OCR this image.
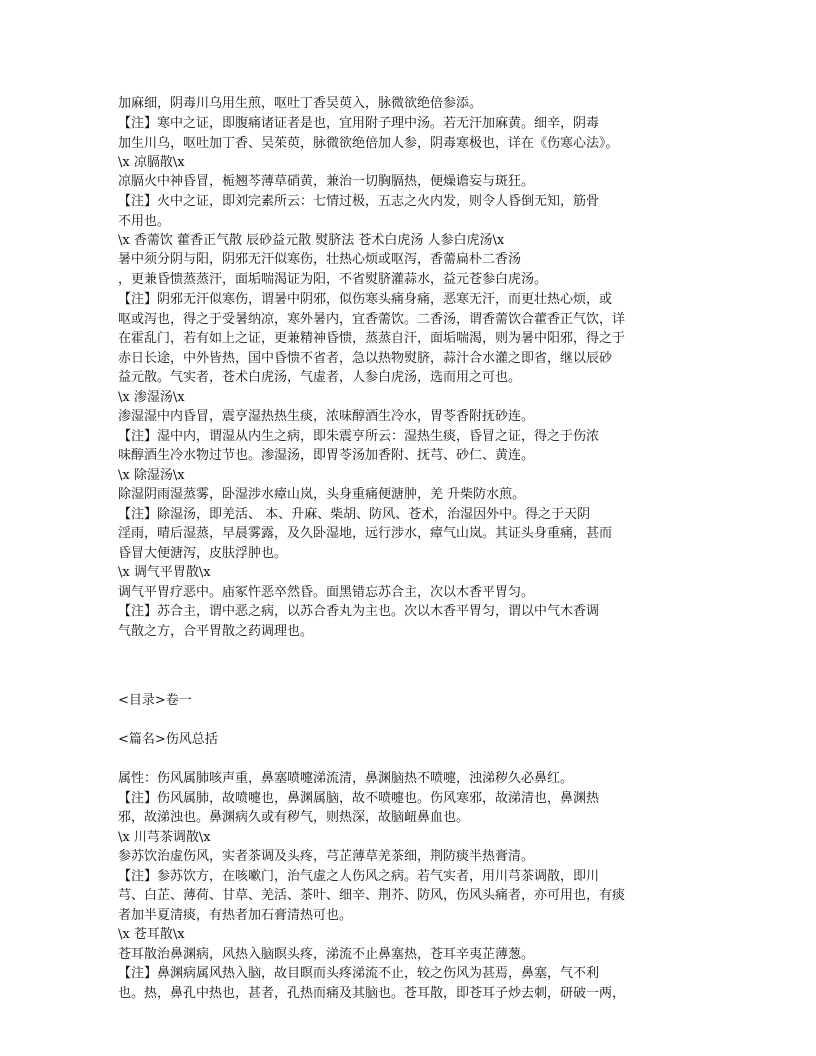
加麻细，阴毒川乌用生煎，呕吐丁香吴萸入，脉微欲绝倍参添。

【注】寒中之证，即腹痛诸证者是也，宜用附子理中汤。若无汗加麻黄。细辛，阴毒

加生川乌，呕吐加丁香、吴茱萸，脉微欲绝倍加人参，阴毒寒极也，详在《伤寒心法》。

\x 凉膈散\x

凉膈火中神昏冒，栀翘芩薄草硝黄，兼治一切胸膈热，便燥谵妄与斑狂。

【注】火中之证，即刘完素所云：七情过极，五志之火内发，则令人昏倒无知，筋骨

不用也。

\x 香薷饮 藿香正气散 辰砂益元散 熨脐法 苍术白虎汤 人参白虎汤\x

暑中须分阴与阳，阴邪无汗似寒伤，壮热心烦或呕泻，香薷扁朴二香汤

，更兼昏愦蒸蒸汗，面垢喘渴证为阳，不省熨脐灌蒜水，益元苍参白虎汤。

【注】阴邪无汗似寒伤，谓暑中阴邪，似伤寒头痛身痛，恶寒无汗，而更壮热心烦，或

呕或泻也，得之于受暑纳凉，寒外暑内，宜香薷饮。二香汤，谓香薷饮合藿香正气饮，详

在霍乱门，若有如上之证，更兼精神昏愦，蒸蒸自汗，面垢喘渴，则为暑中阳邪，得之于

赤日长途，中外皆热，国中昏愦不省者，急以热物熨脐，蒜汁合水灌之即省，继以辰砂

益元散。气实者，苍术白虎汤，气虚者，人参白虎汤，选而用之可也。

\x 渗湿汤\x

渗湿湿中内昏冒，震亨湿热热生痰，浓味醇酒生冷水，胃苓香附抚砂连。

【注】湿中内，谓湿从内生之病，即朱震亨所云：湿热生痰，昏冒之证，得之于伤浓

味醇酒生冷水物过节也。渗湿汤，即胃苓汤加香附、抚芎、砂仁、黄连。

\x 除湿汤\x

除湿阴雨湿蒸雾，卧湿涉水瘴山岚，头身重痛便溏肿，羌 升柴防水煎。

【注】除湿汤，即羌活、 本、升麻、柴胡、防风、苍术，治湿因外中。得之于天阴

淫雨，晴后湿蒸，早晨雾露，及久卧湿地，远行涉水，瘴气山岚。其证头身重痛，甚而

昏冒大便溏泻，皮肤浮肿也。

\x 调气平胃散\x

调气平胃疗恶中。庙冢忤恶卒然昏。面黑错忘苏合主，次以木香平胃匀。

【注】苏合主，谓中恶之病，以苏合香丸为主也。次以木香平胃匀，谓以中气木香调

气散之方，合平胃散之药调理也。

<目录>卷一

<篇名>伤风总括

属性：伤风属肺咳声重，鼻塞喷嚏涕流清，鼻渊脑热不喷嚏，浊涕秽久必鼻红。

【注】伤风属肺，故喷嚏也，鼻渊属脑，故不喷嚏也。伤风寒邪，故涕清也，鼻渊热

邪，故涕浊也。鼻渊病久或有秽气，则热深，故脑衄鼻血也。

\x 川芎茶调散\x

参苏饮治虚伤风，实者茶调及头疼，芎芷薄草羌茶细，荆防痰半热膏清。

【注】参苏饮方，在咳嗽门，治气虚之人伤风之病。若气实者，用川芎茶调散，即川

芎、白芷、薄荷、甘草、羌活、茶叶、细辛、荆芥、防风，伤风头痛者，亦可用也，有痰

者加半夏清痰，有热者加石膏清热可也。

\x 苍耳散\x

苍耳散治鼻渊病，风热入脑瞑头疼，涕流不止鼻塞热，苍耳辛夷芷薄葱。

【注】鼻渊病属风热入脑，故目瞑而头疼涕流不止，较之伤风为甚焉，鼻塞，气不利

也。热，鼻孔中热也，甚者，孔热而痛及其脑也。苍耳散，即苍耳子炒去刺，研破一两，
